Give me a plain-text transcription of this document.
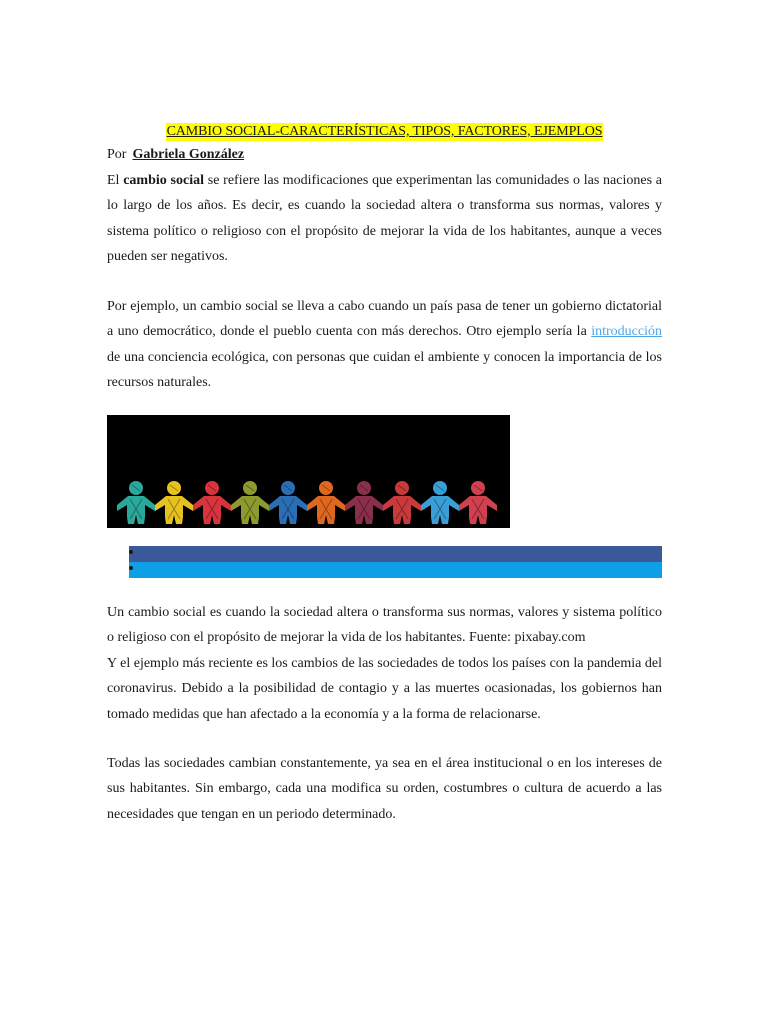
CAMBIO SOCIAL-CARACTERÍSTICAS, TIPOS, FACTORES, EJEMPLOS
Por Gabriela González

El cambio social se refiere las modificaciones que experimentan las comunidades o las naciones a lo largo de los años. Es decir, es cuando la sociedad altera o transforma sus normas, valores y sistema político o religioso con el propósito de mejorar la vida de los habitantes, aunque a veces pueden ser negativos.

Por ejemplo, un cambio social se lleva a cabo cuando un país pasa de tener un gobierno dictatorial a uno democrático, donde el pueblo cuenta con más derechos. Otro ejemplo sería la introducción de una conciencia ecológica, con personas que cuidan el ambiente y conocen la importancia de los recursos naturales.

Un cambio social es cuando la sociedad altera o transforma sus normas, valores y sistema político o religioso con el propósito de mejorar la vida de los habitantes. Fuente: pixabay.com

Y el ejemplo más reciente es los cambios de las sociedades de todos los países con la pandemia del coronavirus. Debido a la posibilidad de contagio y a las muertes ocasionadas, los gobiernos han tomado medidas que han afectado a la economía y a la forma de relacionarse.

Todas las sociedades cambian constantemente, ya sea en el área institucional o en los intereses de sus habitantes. Sin embargo, cada una modifica su orden, costumbres o cultura de acuerdo a las necesidades que tengan en un periodo determinado.
